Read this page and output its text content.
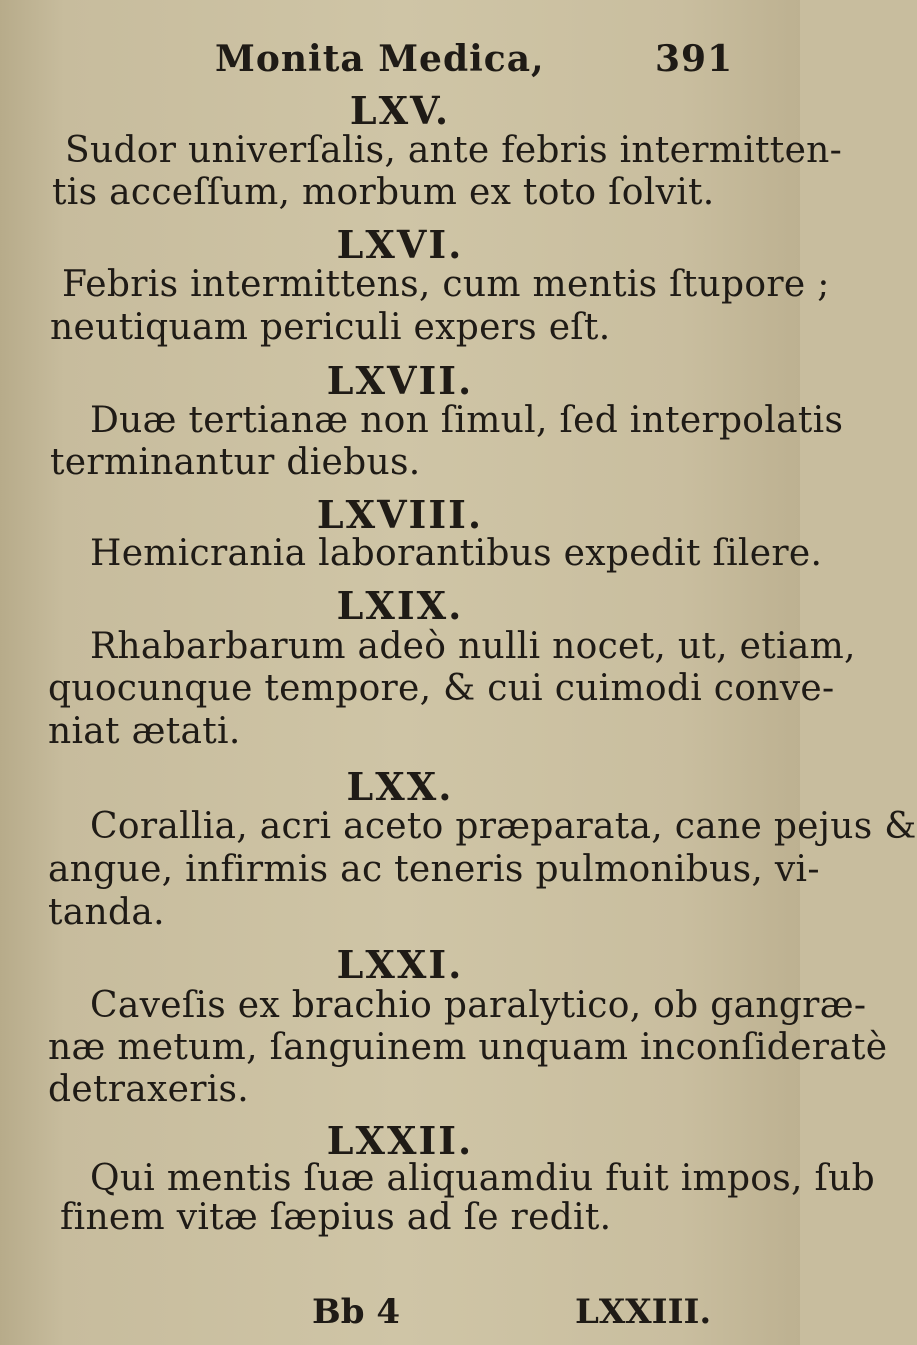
Monita Medica,	391
LXV.
Sudor univerſalis, ante febris intermitten-
tis acceſſum, morbum ex toto ſolvit.
LXVI.
Febris intermittens, cum mentis ſtupore ;
neutiquam periculi expers eſt.
LXVII.
Duæ tertianæ non ſimul, ſed interpolatis
terminantur diebus.
LXVIII.
Hemicrania laborantibus expedit ſilere.
LXIX.
Rhabarbarum adeò nulli nocet, ut, etiam,
quocunque tempore, & cui cuimodi conve-
niat ætati.
LXX.
Corallia, acri aceto præparata, cane pejus &
angue, infirmis ac teneris pulmonibus, vi-
tanda.
LXXI.
Caveſis ex brachio paralytico, ob gangræ-
næ metum, ſanguinem unquam inconſideratè
detraxeris.
LXXII.
Qui mentis ſuæ aliquamdiu fuit impos, ſub
finem vitæ ſæpius ad ſe redit.
Bb 4	LXXIII.
